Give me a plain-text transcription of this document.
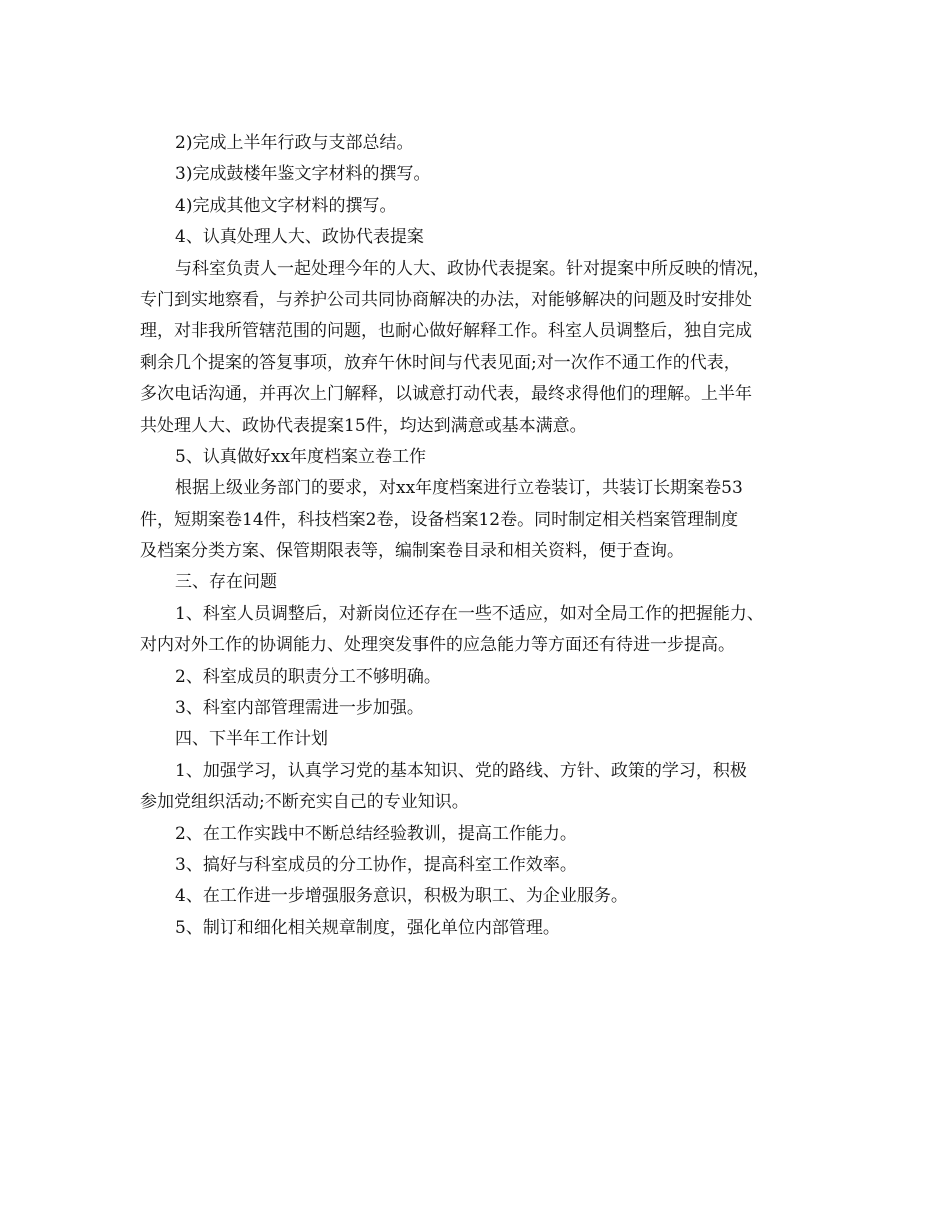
2)完成上半年行政与支部总结。
3)完成鼓楼年鉴文字材料的撰写。
4)完成其他文字材料的撰写。
4、认真处理人大、政协代表提案
与科室负责人一起处理今年的人大、政协代表提案。针对提案中所反映的情况，
专门到实地察看，与养护公司共同协商解决的办法，对能够解决的问题及时安排处
理，对非我所管辖范围的问题，也耐心做好解释工作。科室人员调整后，独自完成
剩余几个提案的答复事项，放弃午休时间与代表见面;对一次作不通工作的代表，
多次电话沟通，并再次上门解释，以诚意打动代表，最终求得他们的理解。上半年
共处理人大、政协代表提案15件，均达到满意或基本满意。
5、认真做好xx年度档案立卷工作
根据上级业务部门的要求，对xx年度档案进行立卷装订，共装订长期案卷53
件，短期案卷14件，科技档案2卷，设备档案12卷。同时制定相关档案管理制度
及档案分类方案、保管期限表等，编制案卷目录和相关资料，便于查询。
三、存在问题
1、科室人员调整后，对新岗位还存在一些不适应，如对全局工作的把握能力、
对内对外工作的协调能力、处理突发事件的应急能力等方面还有待进一步提高。
2、科室成员的职责分工不够明确。
3、科室内部管理需进一步加强。
四、下半年工作计划
1、加强学习，认真学习党的基本知识、党的路线、方针、政策的学习，积极
参加党组织活动;不断充实自己的专业知识。
2、在工作实践中不断总结经验教训，提高工作能力。
3、搞好与科室成员的分工协作，提高科室工作效率。
4、在工作进一步增强服务意识，积极为职工、为企业服务。
5、制订和细化相关规章制度，强化单位内部管理。
